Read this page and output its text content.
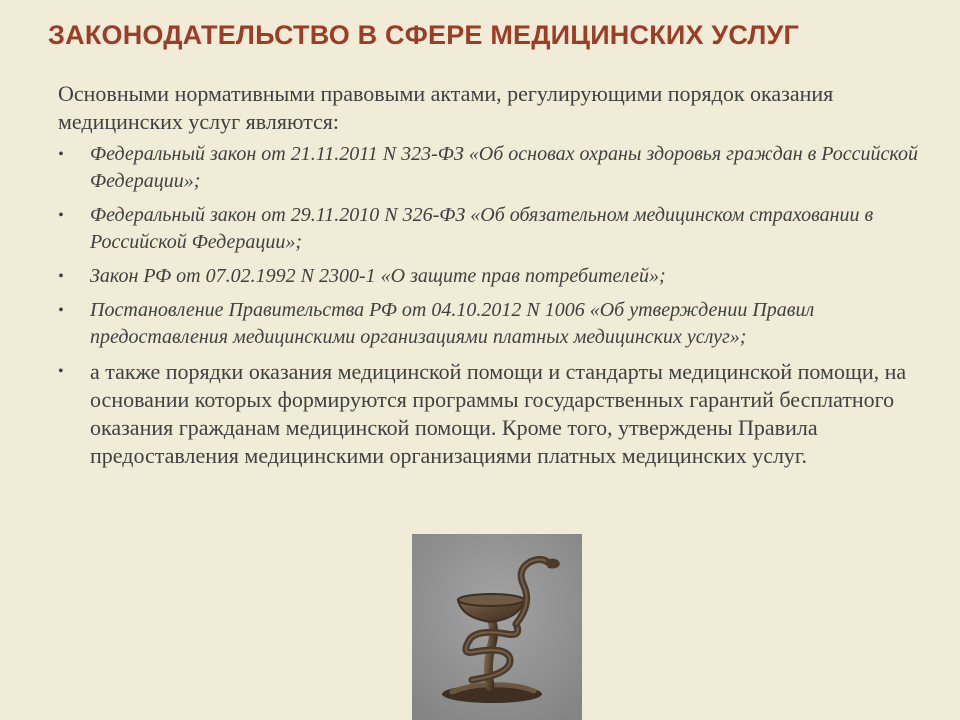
ЗАКОНОДАТЕЛЬСТВО В СФЕРЕ МЕДИЦИНСКИХ УСЛУГ
Основными нормативными правовыми актами, регулирующими порядок оказания медицинских услуг являются:
• Федеральный закон от 21.11.2011 N 323-ФЗ «Об основах охраны здоровья граждан в Российской Федерации»;
• Федеральный закон от 29.11.2010 N 326-ФЗ «Об обязательном медицинском страховании в Российской Федерации»;
• Закон РФ от 07.02.1992 N 2300-1 «О защите прав потребителей»;
• Постановление Правительства РФ от 04.10.2012 N 1006 «Об утверждении Правил предоставления медицинскими организациями платных медицинских услуг»;
• а также порядки оказания медицинской помощи и стандарты медицинской помощи, на основании которых формируются программы государственных гарантий бесплатного оказания гражданам медицинской помощи. Кроме того, утверждены Правила предоставления медицинскими организациями платных медицинских услуг.
